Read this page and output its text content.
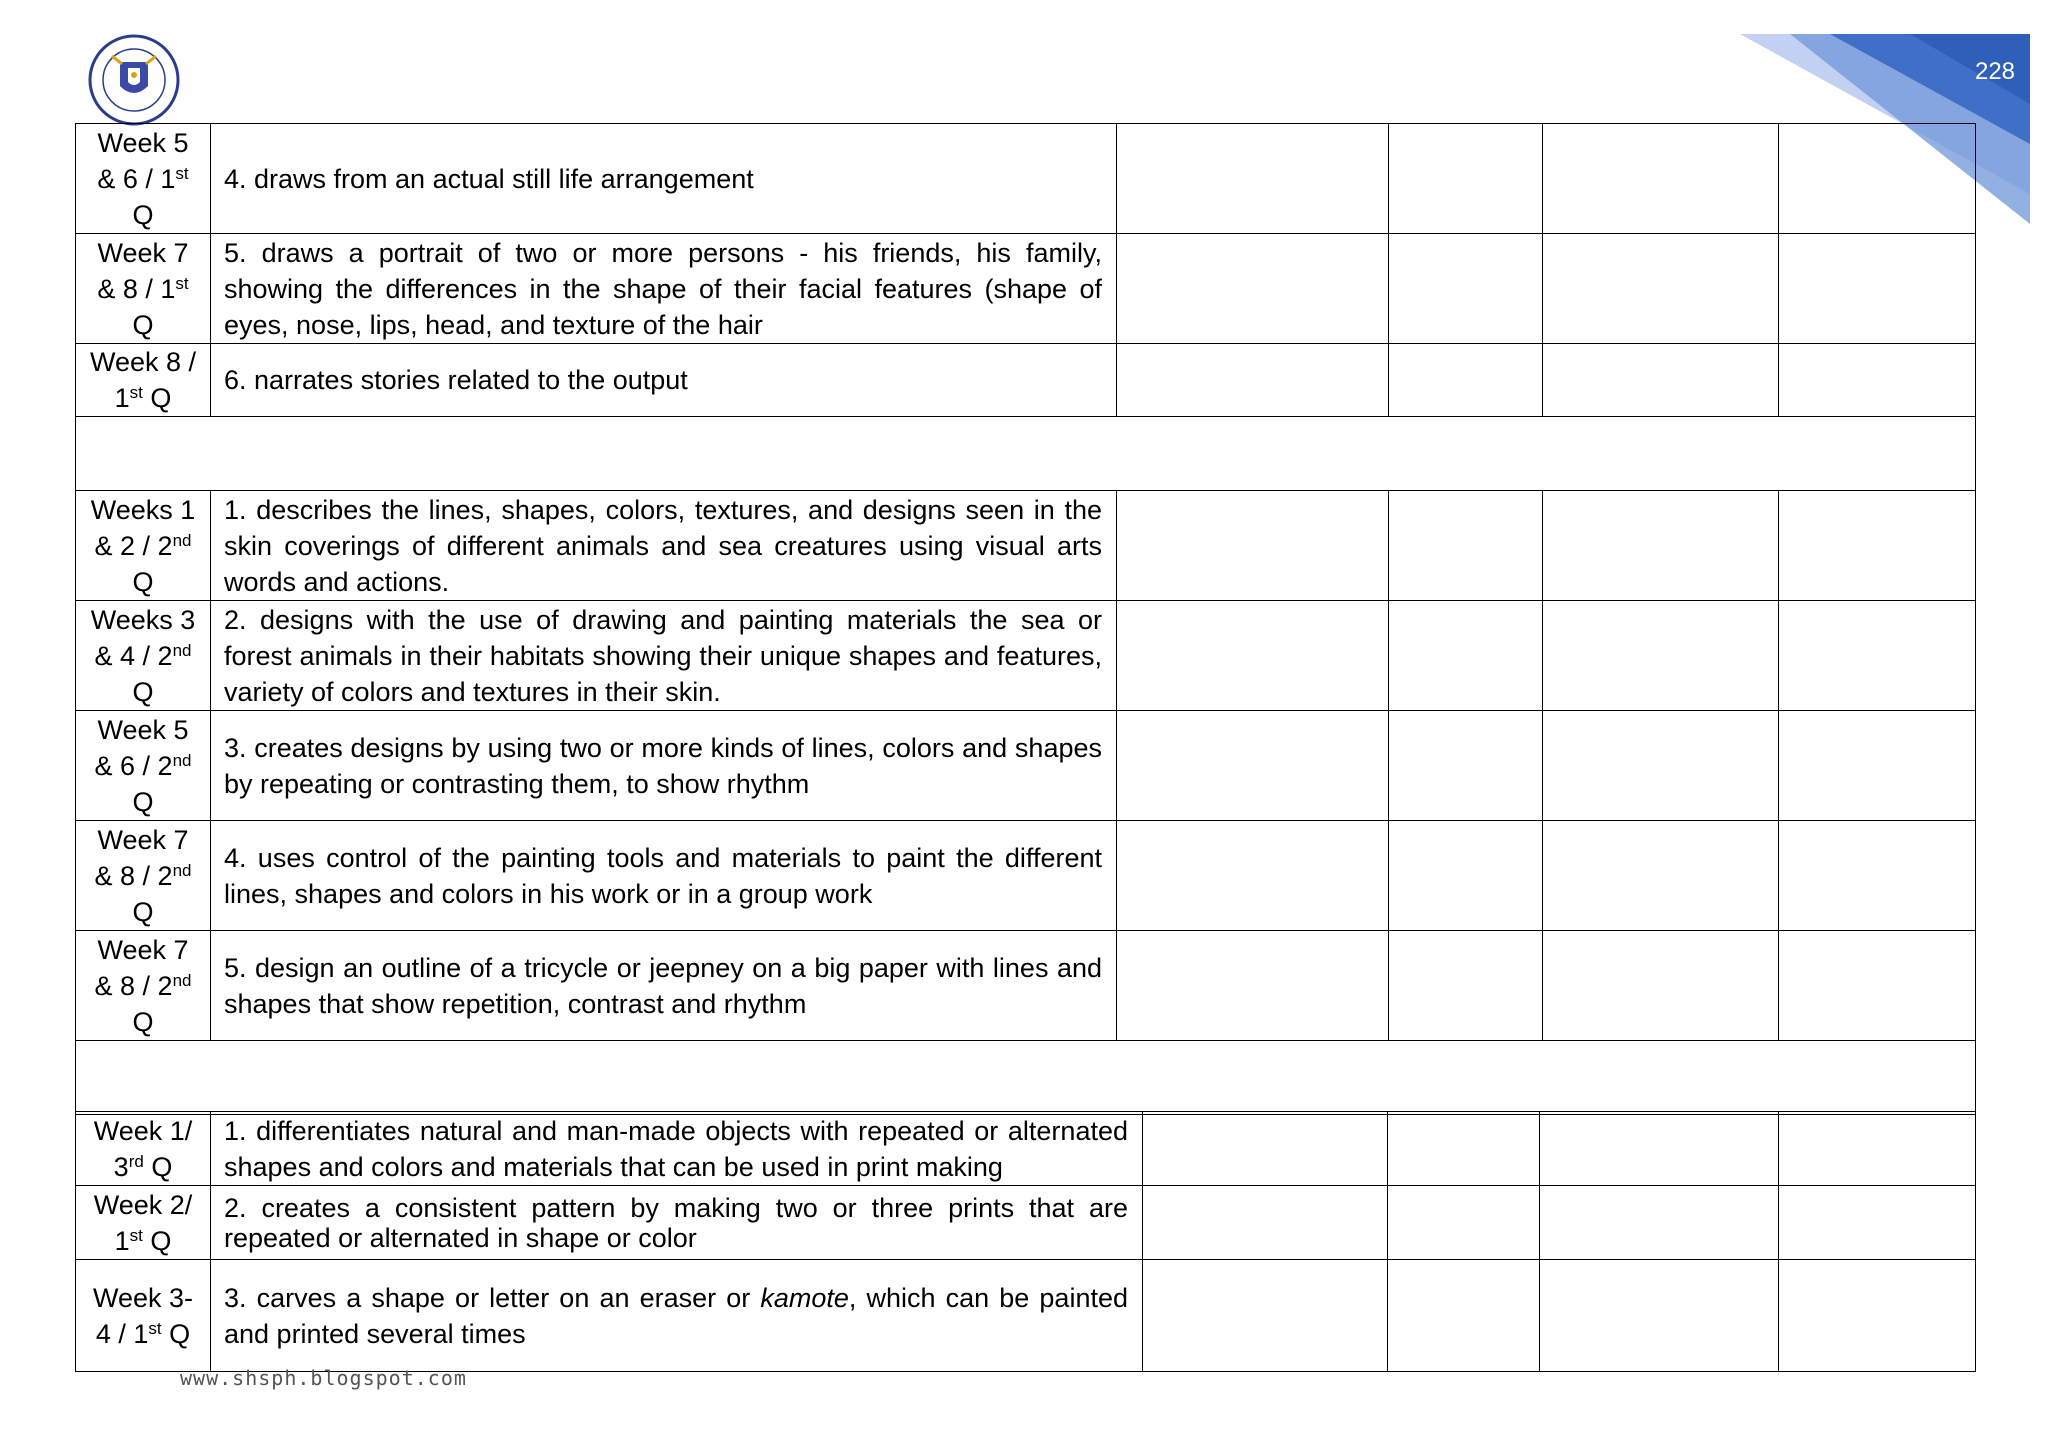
228
Week 5
& 6 / 1st
Q	4. draws from an actual still life arrangement				
Week 7
& 8 / 1st
Q	5. draws a portrait of two or more persons - his friends, his family, showing the differences in the shape of their facial features (shape of eyes, nose, lips, head, and texture of the hair				
Week 8 /
1st Q	6. narrates stories related to the output				

Weeks 1
& 2 / 2nd
Q	1. describes the lines, shapes, colors, textures, and designs seen in the skin coverings of different animals and sea creatures using visual arts words and actions.				
Weeks 3
& 4 / 2nd
Q	2. designs with the use of drawing and painting materials the sea or forest animals in their habitats showing their unique shapes and features, variety of colors and textures in their skin.				
Week 5
& 6 / 2nd
Q	3. creates designs by using two or more kinds of lines, colors and shapes by repeating or contrasting them, to show rhythm				
Week 7
& 8 / 2nd
Q	4. uses control of the painting tools and materials to paint the different lines, shapes and colors in his work or in a group work				
Week 7
& 8 / 2nd
Q	5. design an outline of a tricycle or jeepney on a big paper with lines and shapes that show repetition, contrast and rhythm				

Week 1/
3rd Q	1. differentiates natural and man-made objects with repeated or alternated shapes and colors and materials that can be used in print making				
Week 2/
1st Q	2. creates a consistent pattern by making two or three prints that are repeated or alternated in shape or color				
Week 3-
4 / 1st Q	3. carves a shape or letter on an eraser or kamote, which can be painted and printed several times				
www.shsph.blogspot.com
